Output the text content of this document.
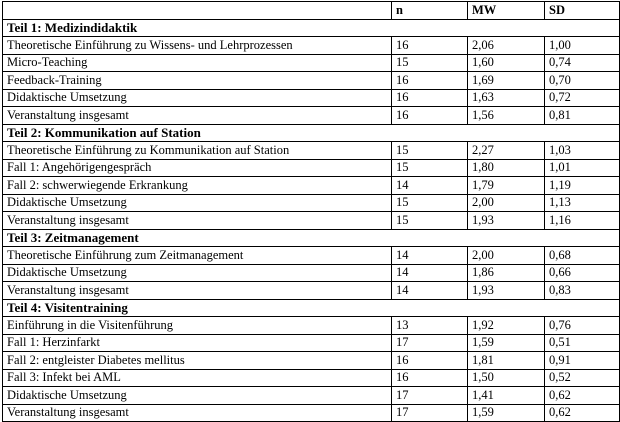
	n	MW	SD
Teil 1: Medizindidaktik			
Theoretische Einführung zu Wissens- und Lehrprozessen	16	2,06	1,00
Micro-Teaching	15	1,60	0,74
Feedback-Training	16	1,69	0,70
Didaktische Umsetzung	16	1,63	0,72
Veranstaltung insgesamt	16	1,56	0,81
Teil 2: Kommunikation auf Station			
Theoretische Einführung zu Kommunikation auf Station	15	2,27	1,03
Fall 1: Angehörigengespräch	15	1,80	1,01
Fall 2: schwerwiegende Erkrankung	14	1,79	1,19
Didaktische Umsetzung	15	2,00	1,13
Veranstaltung insgesamt	15	1,93	1,16
Teil 3: Zeitmanagement			
Theoretische Einführung zum Zeitmanagement	14	2,00	0,68
Didaktische Umsetzung	14	1,86	0,66
Veranstaltung insgesamt	14	1,93	0,83
Teil 4: Visitentraining			
Einführung in die Visitenführung	13	1,92	0,76
Fall 1: Herzinfarkt	17	1,59	0,51
Fall 2: entgleister Diabetes mellitus	16	1,81	0,91
Fall 3: Infekt bei AML	16	1,50	0,52
Didaktische Umsetzung	17	1,41	0,62
Veranstaltung insgesamt	17	1,59	0,62
